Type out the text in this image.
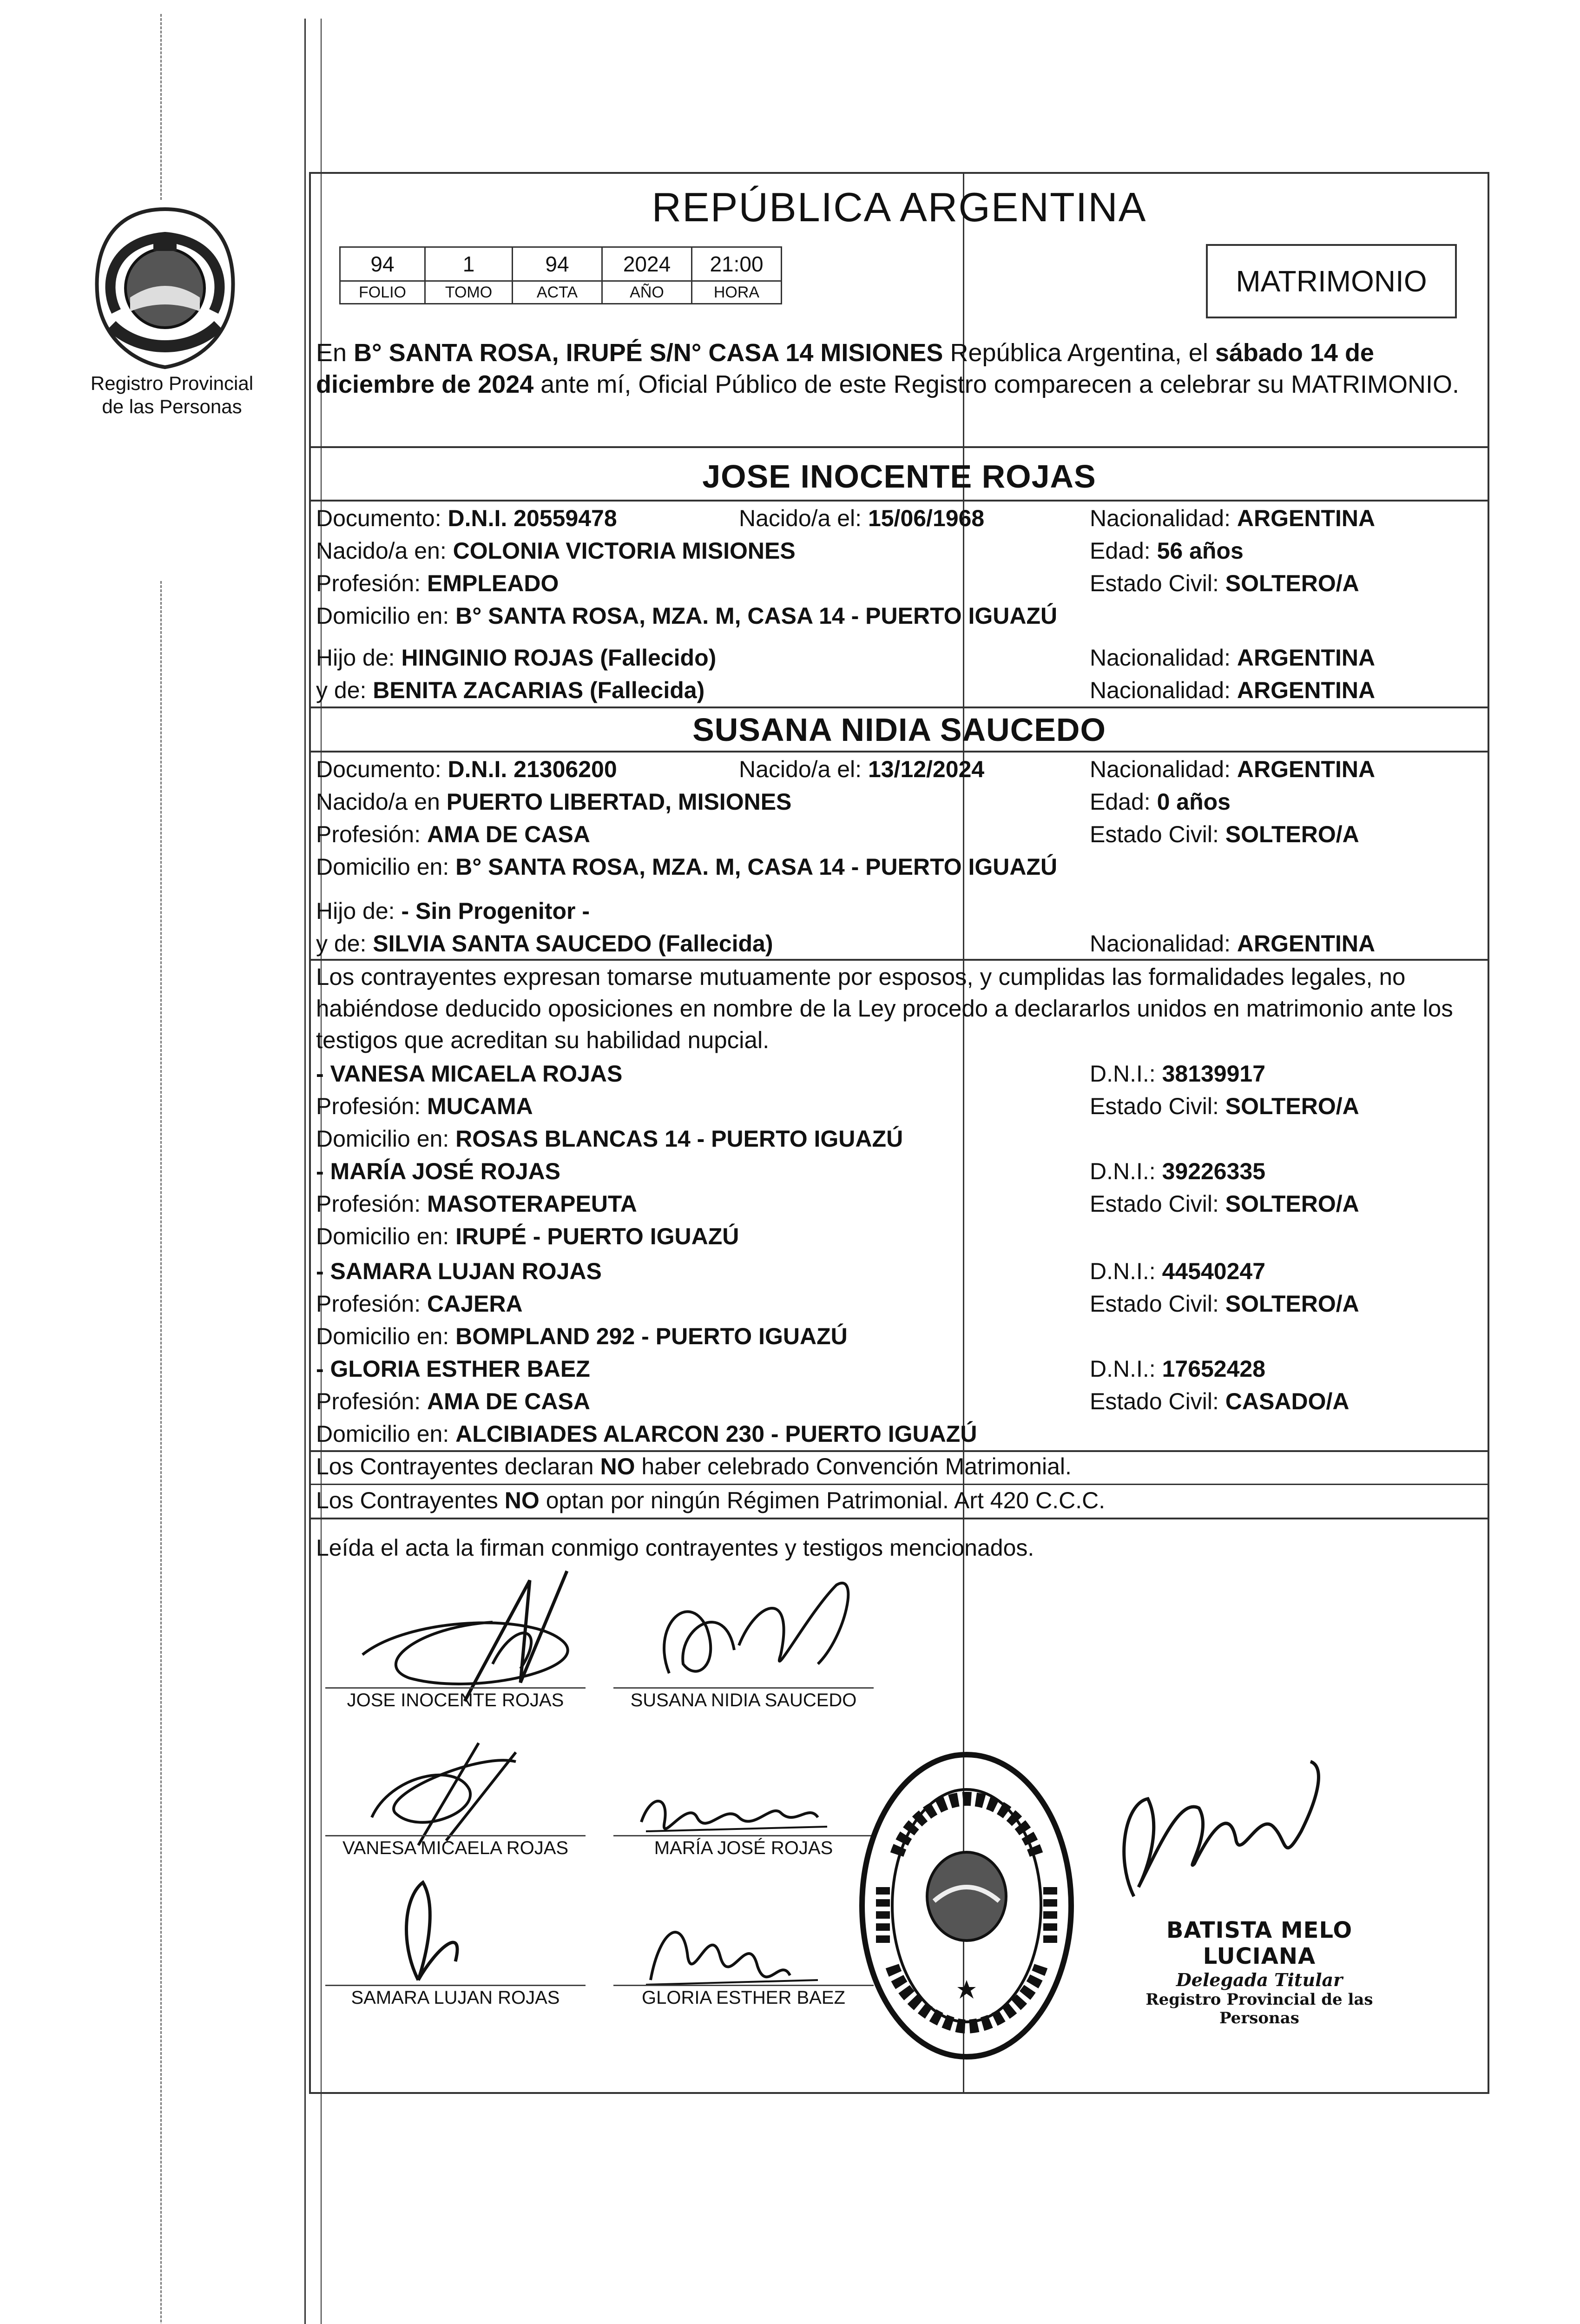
Registro Provincial
de las Personas
REPÚBLICA ARGENTINA
94	1	94	2024	21:00
FOLIO	TOMO	ACTA	AÑO	HORA	MATRIMONIO
En B° SANTA ROSA, IRUPÉ S/N° CASA 14 MISIONES República Argentina, el sábado 14 de diciembre de 2024 ante mí, Oficial Público de este Registro comparecen a celebrar su MATRIMONIO.
JOSE INOCENTE ROJAS
Documento: D.N.I. 20559478	Nacido/a el: 15/06/1968	Nacionalidad: ARGENTINA
Nacido/a en: COLONIA VICTORIA MISIONES	Edad: 56 años
Profesión: EMPLEADO	Estado Civil: SOLTERO/A
Domicilio en: B° SANTA ROSA, MZA. M, CASA 14 - PUERTO IGUAZÚ
Hijo de: HINGINIO ROJAS (Fallecido)	Nacionalidad: ARGENTINA
y de: BENITA ZACARIAS (Fallecida)	Nacionalidad: ARGENTINA
SUSANA NIDIA SAUCEDO
Documento: D.N.I. 21306200	Nacido/a el: 13/12/2024	Nacionalidad: ARGENTINA
Nacido/a en PUERTO LIBERTAD, MISIONES	Edad: 0 años
Profesión: AMA DE CASA	Estado Civil: SOLTERO/A
Domicilio en: B° SANTA ROSA, MZA. M, CASA 14 - PUERTO IGUAZÚ
Hijo de: - Sin Progenitor -
y de: SILVIA SANTA SAUCEDO (Fallecida)	Nacionalidad: ARGENTINA
Los contrayentes expresan tomarse mutuamente por esposos, y cumplidas las formalidades legales, no habiéndose deducido oposiciones en nombre de la Ley procedo a declararlos unidos en matrimonio ante los testigos que acreditan su habilidad nupcial.
- VANESA MICAELA ROJAS	D.N.I.: 38139917
Profesión: MUCAMA	Estado Civil: SOLTERO/A
Domicilio en: ROSAS BLANCAS 14 - PUERTO IGUAZÚ
- MARÍA JOSÉ ROJAS	D.N.I.: 39226335
Profesión: MASOTERAPEUTA	Estado Civil: SOLTERO/A
Domicilio en: IRUPÉ - PUERTO IGUAZÚ
- SAMARA LUJAN ROJAS	D.N.I.: 44540247
Profesión: CAJERA	Estado Civil: SOLTERO/A
Domicilio en: BOMPLAND 292 - PUERTO IGUAZÚ
- GLORIA ESTHER BAEZ	D.N.I.: 17652428
Profesión: AMA DE CASA	Estado Civil: CASADO/A
Domicilio en: ALCIBIADES ALARCON 230 - PUERTO IGUAZÚ
Los Contrayentes declaran NO haber celebrado Convención Matrimonial.
Los Contrayentes NO optan por ningún Régimen Patrimonial. Art 420 C.C.C.
Leída el acta la firman conmigo contrayentes y testigos mencionados.
JOSE INOCENTE ROJAS	SUSANA NIDIA SAUCEDO
VANESA MICAELA ROJAS	MARÍA JOSÉ ROJAS
SAMARA LUJAN ROJAS	GLORIA ESTHER BAEZ
BATISTA MELO LUCIANA
Delegada Titular
Registro Provincial de las Personas
